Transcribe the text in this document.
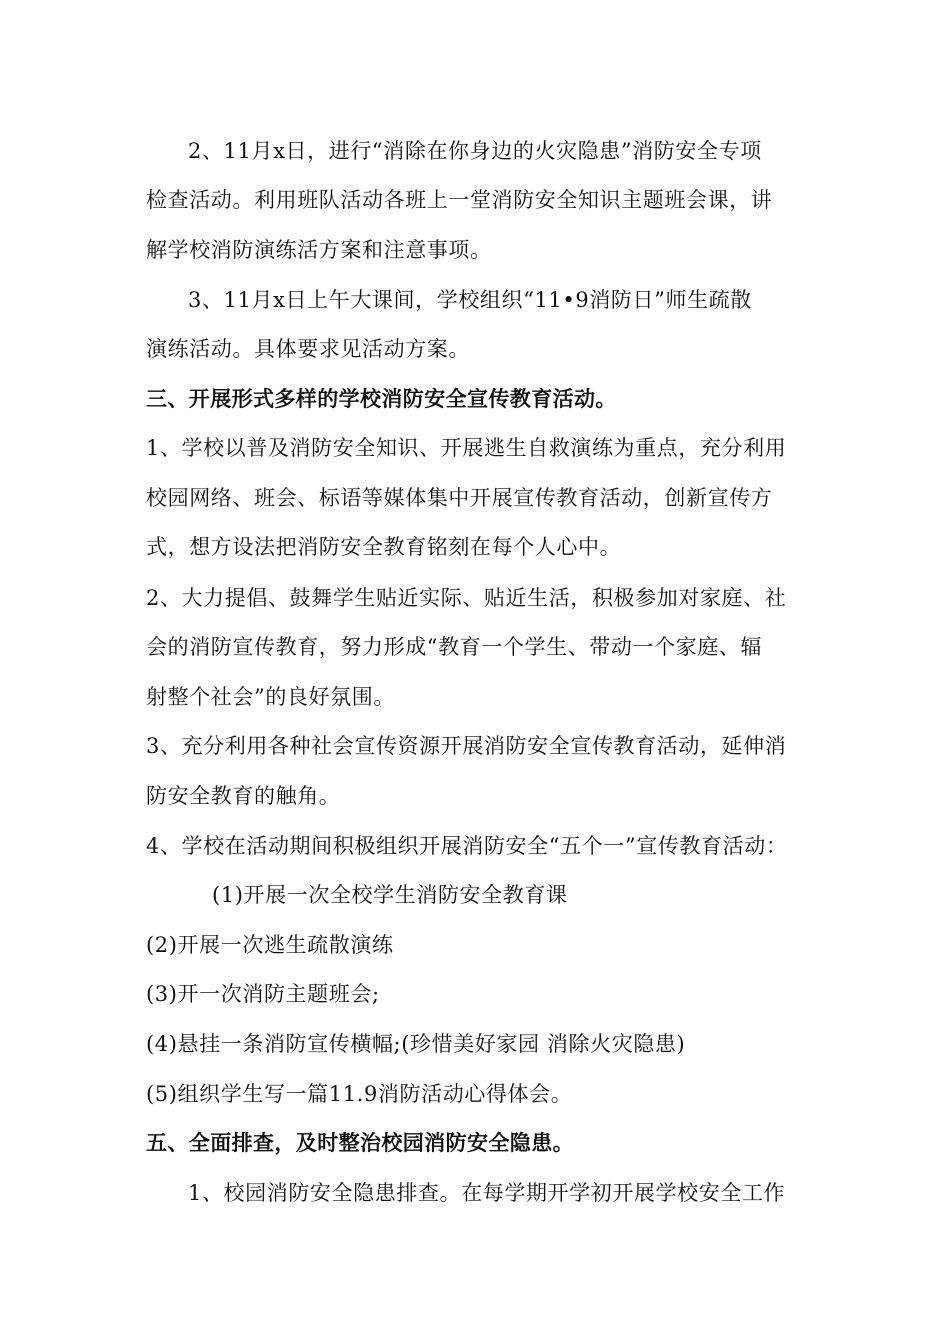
2、11月x日，进行“消除在你身边的火灾隐患”消防安全专项
检查活动。利用班队活动各班上一堂消防安全知识主题班会课，讲
解学校消防演练活方案和注意事项。
3、11月x日上午大课间，学校组织“11•9消防日”师生疏散
演练活动。具体要求见活动方案。
三、开展形式多样的学校消防安全宣传教育活动。
1、学校以普及消防安全知识、开展逃生自救演练为重点，充分利用
校园网络、班会、标语等媒体集中开展宣传教育活动，创新宣传方
式，想方设法把消防安全教育铭刻在每个人心中。
2、大力提倡、鼓舞学生贴近实际、贴近生活，积极参加对家庭、社
会的消防宣传教育，努力形成“教育一个学生、带动一个家庭、辐
射整个社会”的良好氛围。
3、充分利用各种社会宣传资源开展消防安全宣传教育活动，延伸消
防安全教育的触角。
4、学校在活动期间积极组织开展消防安全“五个一”宣传教育活动：
(1)开展一次全校学生消防安全教育课
(2)开展一次逃生疏散演练
(3)开一次消防主题班会;
(4)悬挂一条消防宣传横幅;(珍惜美好家园 消除火灾隐患)
(5)组织学生写一篇11.9消防活动心得体会。
五、全面排查，及时整治校园消防安全隐患。
1、校园消防安全隐患排查。在每学期开学初开展学校安全工作
